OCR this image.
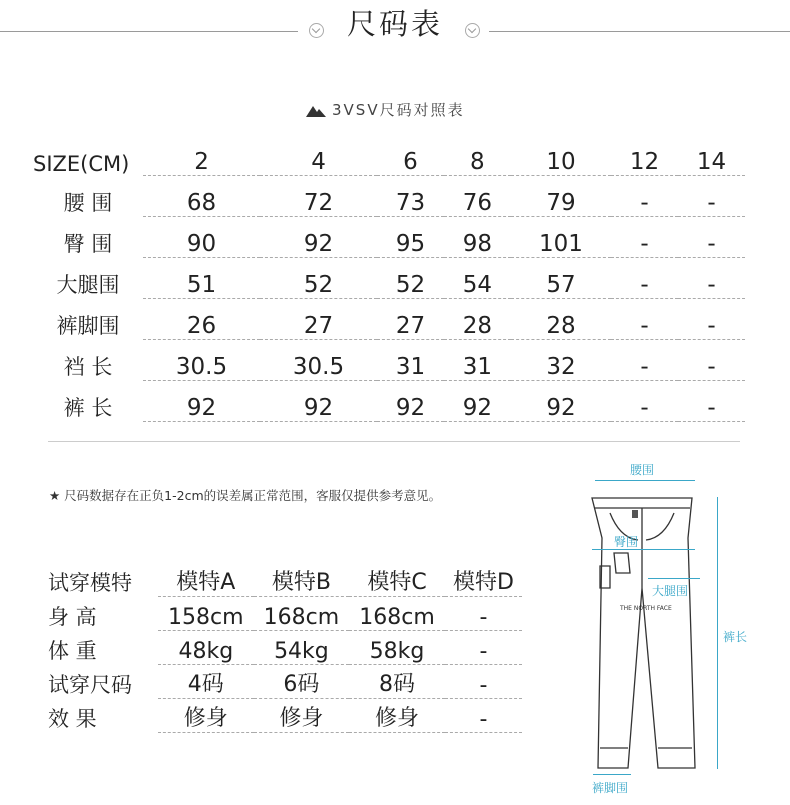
尺码表
3VSV尺码对照表
SIZE(CM)	2	4	6	8	10	12	14
腰 围	68	72	73	76	79	-	-
臀 围	90	92	95	98	101	-	-
大腿围	51	52	52	54	57	-	-
裤脚围	26	27	27	28	28	-	-
裆 长	30.5	30.5	31	31	32	-	-
裤 长	92	92	92	92	92	-	-
★ 尺码数据存在正负1-2cm的误差属正常范围，客服仅提供参考意见。
试穿模特	模特A	模特B	模特C	模特D
身 高	158cm	168cm	168cm	-
体 重	48kg	54kg	58kg	-
试穿尺码	4码	6码	8码	-
效 果	修身	修身	修身	-
THE NORTH FACE
腰围
臀围
大腿围
裤长
裤脚围
